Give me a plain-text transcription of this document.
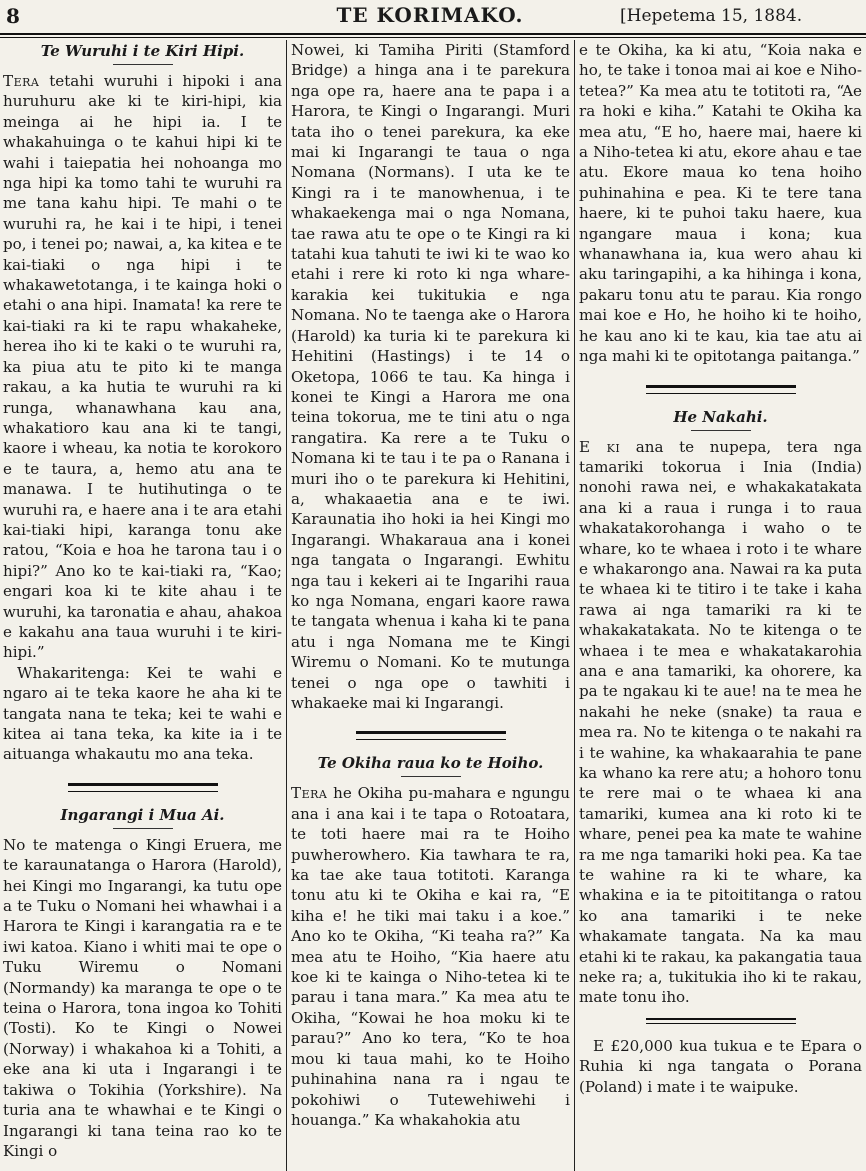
8	TE KORIMAKO.	[Hepetema 15, 1884.
Te Wuruhi i te Kiri Hipi.

Tera tetahi wuruhi i hipoki i ana huruhuru ake ki te kiri-hipi, kia meinga ai he hipi ia. I te whakahuinga o te kahui hipi ki te wahi i taiepatia hei nohoanga mo nga hipi ka tomo tahi te wuruhi ra me tana kahu hipi. Te mahi o te wuruhi ra, he kai i te hipi, i tenei po, i tenei po; nawai, a, ka kitea e te kai-tiaki o nga hipi i te whakawetotanga, i te kainga hoki o etahi o ana hipi. Inamata! ka rere te kai-tiaki ra ki te rapu whakaheke, herea iho ki te kaki o te wuruhi ra, ka piua atu te pito ki te manga rakau, a ka hutia te wuruhi ra ki runga, whanawhana kau ana, whakatioro kau ana ki te tangi, kaore i wheau, ka notia te korokoro e te taura, a, hemo atu ana te manawa. I te hutihutinga o te wuruhi ra, e haere ana i te ara etahi kai-tiaki hipi, karanga tonu ake ratou, “Koia e hoa he tarona tau i o hipi?” Ano ko te kai-tiaki ra, “Kao; engari koa ki te kite ahau i te wuruhi, ka taronatia e ahau, ahakoa e kakahu ana taua wuruhi i te kiri-hipi.”

Whakaritenga: Kei te wahi e ngaro ai te teka kaore he aha ki te tangata nana te teka; kei te wahi e kitea ai tana teka, ka kite ia i te aituanga whakautu mo ana teka.

Ingarangi i Mua Ai.

No te matenga o Kingi Eruera, me te karaunatanga o Harora (Harold), hei Kingi mo Ingarangi, ka tutu ope a te Tuku o Nomani hei whawhai i a Harora te Kingi i karangatia ra e te iwi katoa. Kiano i whiti mai te ope o Tuku Wiremu o Nomani (Normandy) ka maranga te ope o te teina o Harora, tona ingoa ko Tohiti (Tosti). Ko te Kingi o Nowei (Norway) i whakahoa ki a Tohiti, a eke ana ki uta i Ingarangi i te takiwa o Tokihia (Yorkshire). Na turia ana te whawhai e te Kingi o Ingarangi ki tana teina rao ko te Kingi o

Nowei, ki Tamiha Piriti (Stamford Bridge) a hinga ana i te parekura nga ope ra, haere ana te papa i a Harora, te Kingi o Ingarangi. Muri tata iho o tenei parekura, ka eke mai ki Ingarangi te taua o nga Nomana (Normans). I uta ke te Kingi ra i te manowhenua, i te whakaekenga mai o nga Nomana, tae rawa atu te ope o te Kingi ra ki tatahi kua tahuti te iwi ki te wao ko etahi i rere ki roto ki nga whare-karakia kei tukitukia e nga Nomana. No te taenga ake o Harora (Harold) ka turia ki te parekura ki Hehitini (Hastings) i te 14 o Oketopa, 1066 te tau. Ka hinga i konei te Kingi a Harora me ona teina tokorua, me te tini atu o nga rangatira. Ka rere a te Tuku o Nomana ki te tau i te pa o Ranana i muri iho o te parekura ki Hehitini, a, whakaaetia ana e te iwi. Karaunatia iho hoki ia hei Kingi mo Ingarangi. Whakaraua ana i konei nga tangata o Ingarangi. Ewhitu nga tau i kekeri ai te Ingarihi raua ko nga Nomana, engari kaore rawa te tangata whenua i kaha ki te pana atu i nga Nomana me te Kingi Wiremu o Nomani. Ko te mutunga tenei o nga ope o tawhiti i whakaeke mai ki Ingarangi.

Te Okiha raua ko te Hoiho.

Tera he Okiha pu-mahara e ngungu ana i ana kai i te tapa o Rotoatara, te toti haere mai ra te Hoiho puwherowhero. Kia tawhara te ra, ka tae ake taua totitoti. Karanga tonu atu ki te Okiha e kai ra, “E kiha e! he tiki mai taku i a koe.” Ano ko te Okiha, “Ki teaha ra?” Ka mea atu te Hoiho, “Kia haere atu koe ki te kainga o Niho-tetea ki te parau i tana mara.” Ka mea atu te Okiha, “Kowai he hoa moku ki te parau?” Ano ko tera, “Ko te hoa mou ki taua mahi, ko te Hoiho puhinahina nana ra i ngau te pokohiwi o Tutewehiwehi i houanga.” Ka whakahokia atu

e te Okiha, ka ki atu, “Koia naka e ho, te take i tonoa mai ai koe e Niho-tetea?” Ka mea atu te totitoti ra, “Ae ra hoki e kiha.” Katahi te Okiha ka mea atu, “E ho, haere mai, haere ki a Niho-tetea ki atu, ekore ahau e tae atu. Ekore maua ko tena hoiho puhinahina e pea. Ki te tere tana haere, ki te puhoi taku haere, kua ngangare maua i kona; kua whanawhana ia, kua wero ahau ki aku taringapihi, a ka hihinga i kona, pakaru tonu atu te parau. Kia rongo mai koe e Ho, he hoiho ki te hoiho, he kau ano ki te kau, kia tae atu ai nga mahi ki te opitotanga paitanga.”

He Nakahi.

E ki ana te nupepa, tera nga tamariki tokorua i Inia (India) nonohi rawa nei, e whakakatakata ana ki a raua i runga i to raua whakatakorohanga i waho o te whare, ko te whaea i roto i te whare e whakarongo ana. Nawai ra ka puta te whaea ki te titiro i te take i kaha rawa ai nga tamariki ra ki te whakakatakata. No te kitenga o te whaea i te mea e whakatakarohia ana e ana tamariki, ka ohorere, ka pa te ngakau ki te aue! na te mea he nakahi he neke (snake) ta raua e mea ra. No te kitenga o te nakahi ra i te wahine, ka whakaarahia te pane ka whano ka rere atu; a hohoro tonu te rere mai o te whaea ki ana tamariki, kumea ana ki roto ki te whare, penei pea ka mate te wahine ra me nga tamariki hoki pea. Ka tae te wahine ra ki te whare, ka whakina e ia te pitoititanga o ratou ko ana tamariki i te neke whakamate tangata. Na ka mau etahi ki te rakau, ka pakangatia taua neke ra; a, tukitukia iho ki te rakau, mate tonu iho.

E £20,000 kua tukua e te Epara o Ruhia ki nga tangata o Porana (Poland) i mate i te waipuke.
